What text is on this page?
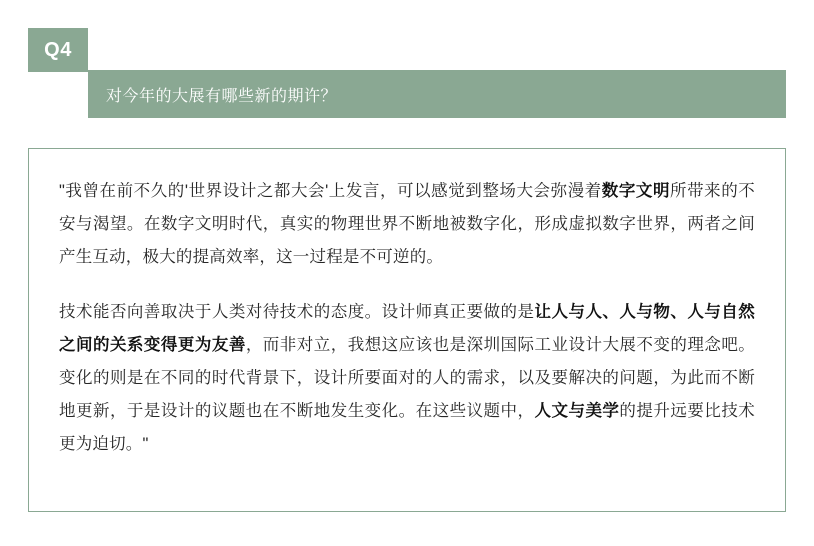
Q4
对今年的大展有哪些新的期许？

"我曾在前不久的'世界设计之都大会'上发言，可以感觉到整场大会弥漫着数字文明所带来的不安与渴望。在数字文明时代，真实的物理世界不断地被数字化，形成虚拟数字世界，两者之间产生互动，极大的提高效率，这一过程是不可逆的。

技术能否向善取决于人类对待技术的态度。设计师真正要做的是让人与人、人与物、人与自然之间的关系变得更为友善，而非对立，我想这应该也是深圳国际工业设计大展不变的理念吧。变化的则是在不同的时代背景下，设计所要面对的人的需求，以及要解决的问题，为此而不断地更新，于是设计的议题也在不断地发生变化。在这些议题中，人文与美学的提升远要比技术更为迫切。"
